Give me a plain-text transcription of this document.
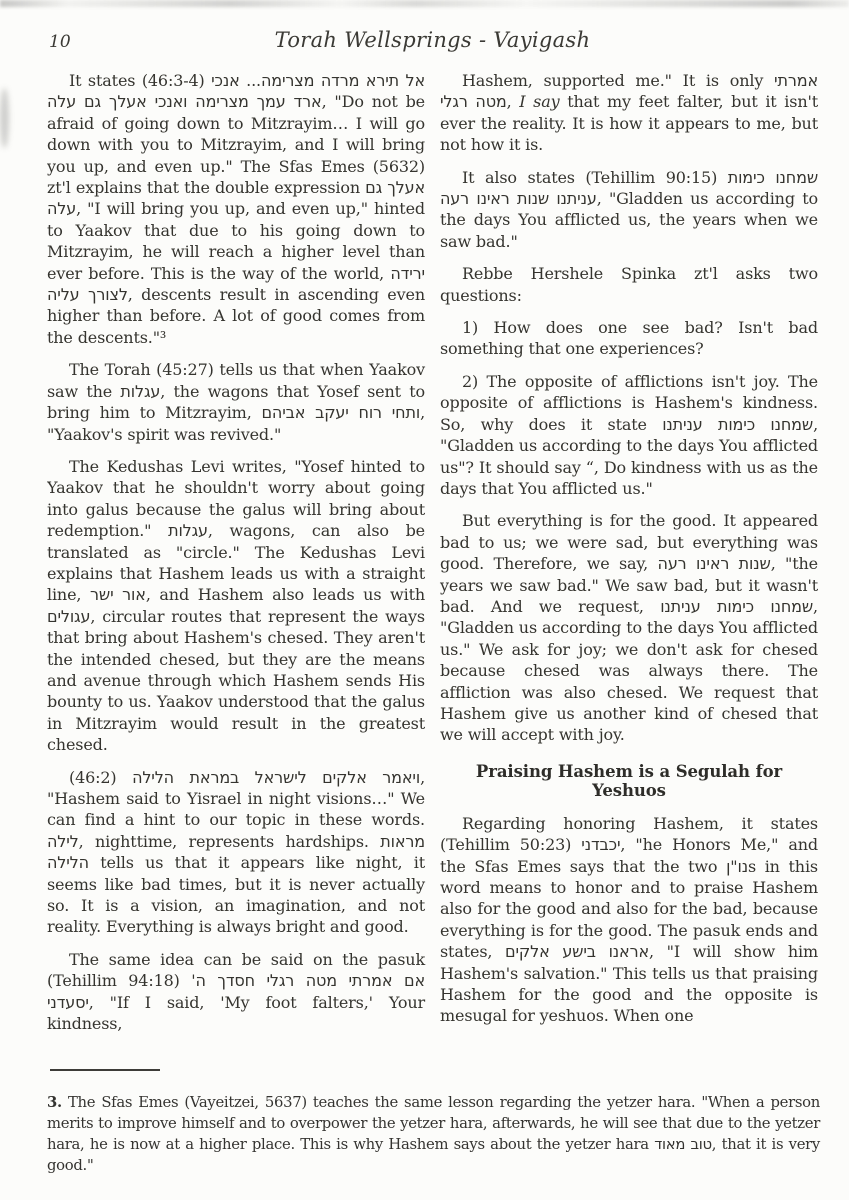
10	Torah Wellsprings - Vayigash

It states (46:3-4) אל תירא מרדה מצרימה... אנכי ארד עמך מצרימה ואנכי אעלך גם עלה, "Do not be afraid of going down to Mitzrayim… I will go down with you to Mitzrayim, and I will bring you up, and even up." The Sfas Emes (5632) zt'l explains that the double expression אעלך גם עלה, "I will bring you up, and even up," hinted to Yaakov that due to his going down to Mitzrayim, he will reach a higher level than ever before. This is the way of the world, ירידה לצורך עליה, descents result in ascending even higher than before. A lot of good comes from the descents."³

The Torah (45:27) tells us that when Yaakov saw the עגלות, the wagons that Yosef sent to bring him to Mitzrayim, ותחי רוח יעקב אביהם, "Yaakov's spirit was revived."

The Kedushas Levi writes, "Yosef hinted to Yaakov that he shouldn't worry about going into galus because the galus will bring about redemption." עגלות, wagons, can also be translated as "circle." The Kedushas Levi explains that Hashem leads us with a straight line, אור ישר, and Hashem also leads us with עגולים, circular routes that represent the ways that bring about Hashem's chesed. They aren't the intended chesed, but they are the means and avenue through which Hashem sends His bounty to us. Yaakov understood that the galus in Mitzrayim would result in the greatest chesed.

(46:2) ויאמר אלקים לישראל במראת הלילה, "Hashem said to Yisrael in night visions…" We can find a hint to our topic in these words. לילה, nighttime, represents hardships. מראות הלילה tells us that it appears like night, it seems like bad times, but it is never actually so. It is a vision, an imagination, and not reality. Everything is always bright and good.

The same idea can be said on the pasuk (Tehillim 94:18) אם אמרתי מטה רגלי חסדך ה' יסעדני, "If I said, 'My foot falters,' Your kindness,

Hashem, supported me." It is only אמרתי מטה רגלי, I say that my feet falter, but it isn't ever the reality. It is how it appears to me, but not how it is.

It also states (Tehillim 90:15) שמחנו כימות עניתנו שנות ראינו רעה, "Gladden us according to the days You afflicted us, the years when we saw bad."

Rebbe Hershele Spinka zt'l asks two questions:

1) How does one see bad? Isn't bad something that one experiences?

2) The opposite of afflictions isn't joy. The opposite of afflictions is Hashem's kindness. So, why does it state שמחנו כימות עניתנו, "Gladden us according to the days You afflicted us"? It should say “, Do kindness with us as the days that You afflicted us."

But everything is for the good. It appeared bad to us; we were sad, but everything was good. Therefore, we say, שנות ראינו רעה, "the years we saw bad." We saw bad, but it wasn't bad. And we request, שמחנו כימות עניתנו, "Gladden us according to the days You afflicted us." We ask for joy; we don't ask for chesed because chesed was always there. The affliction was also chesed. We request that Hashem give us another kind of chesed that we will accept with joy.

Praising Hashem is a Segulah for Yeshuos

Regarding honoring Hashem, it states (Tehillim 50:23) יכבדני, "he Honors Me," and the Sfas Emes says that the two נו"ןs in this word means to honor and to praise Hashem also for the good and also for the bad, because everything is for the good. The pasuk ends and states, אראנו בישע אלקים, "I will show him Hashem's salvation." This tells us that praising Hashem for the good and the opposite is mesugal for yeshuos. When one

3. The Sfas Emes (Vayeitzei, 5637) teaches the same lesson regarding the yetzer hara. "When a person merits to improve himself and to overpower the yetzer hara, afterwards, he will see that due to the yetzer hara, he is now at a higher place. This is why Hashem says about the yetzer hara טוב מאוד, that it is very good."
